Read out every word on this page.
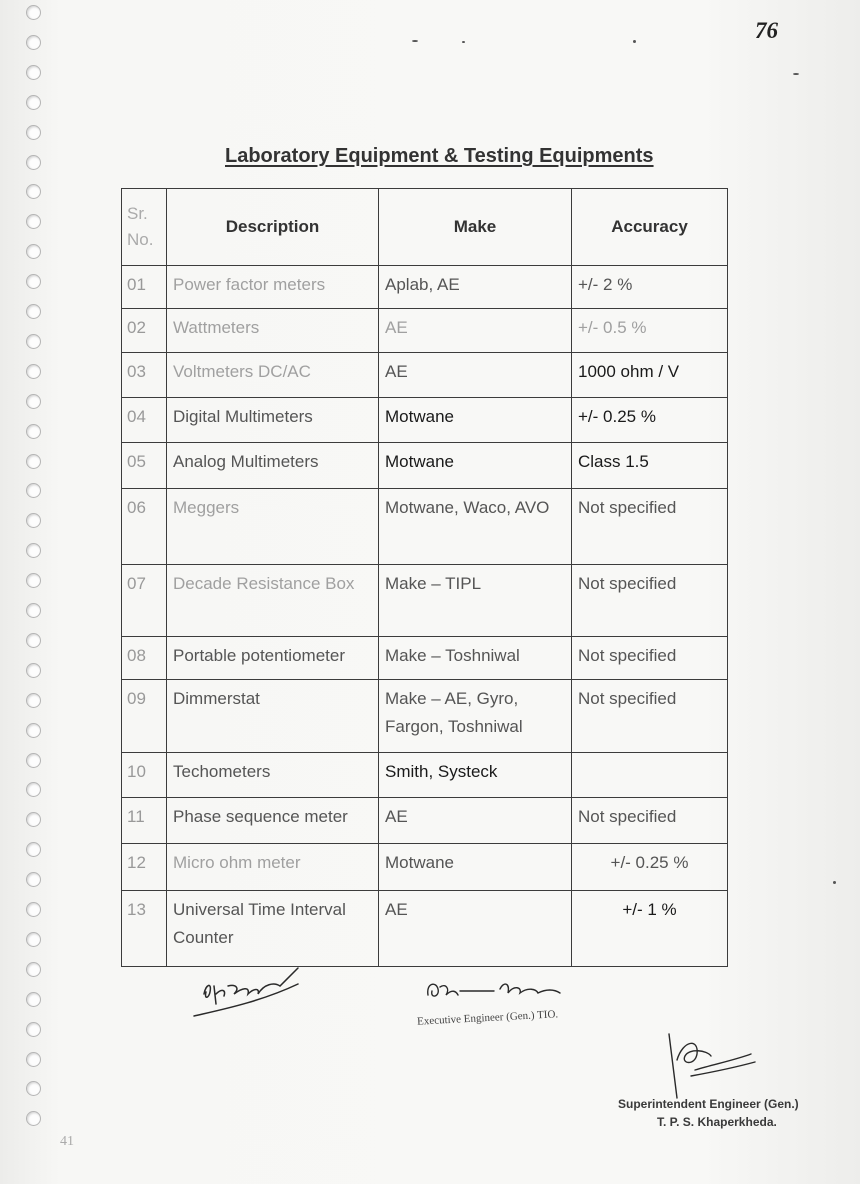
76
Laboratory Equipment & Testing Equipments
Sr. No.	Description	Make	Accuracy
01	Power factor meters	Aplab, AE	+/- 2 %
02	Wattmeters	AE	+/- 0.5 %
03	Voltmeters DC/AC	AE	1000 ohm / V
04	Digital Multimeters	Motwane	+/- 0.25 %
05	Analog Multimeters	Motwane	Class 1.5
06	Meggers	Motwane, Waco, AVO	Not specified
07	Decade Resistance Box	Make – TIPL	Not specified
08	Portable potentiometer	Make – Toshniwal	Not specified
09	Dimmerstat	Make – AE, Gyro, Fargon, Toshniwal	Not specified
10	Techometers	Smith, Systeck	
11	Phase sequence meter	AE	Not specified
12	Micro ohm meter	Motwane	+/- 0.25 %
13	Universal Time Interval Counter	AE	+/- 1 %
Executive Engineer (Gen.) TIO.
Superintendent Engineer (Gen.)
T. P. S. Khaperkheda.
41
